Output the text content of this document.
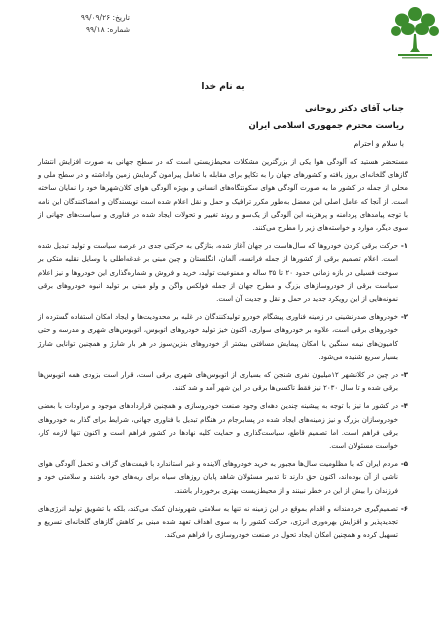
تاریخ: ۹۹/۰۹/۲۶
شماره: ۹۹/۱۸
به نام خدا
جناب آقای دکتر روحانی
ریاست محترم جمهوری اسلامی ایران
با سلام و احترام

مستحضر هستید که آلودگی هوا یکی از بزرگترین مشکلات محیط‌زیستی است که در سطح جهانی به صورت افزایش انتشار گازهای گلخانه‌ای بروز یافته و کشورهای جهان را به تکاپو برای مقابله با تعامل پیرامون گرمایش زمین واداشته و در سطح ملی و محلی از جمله در کشور ما به صورت آلودگی هوای سکونتگاه‌های انسانی و بویژه آلودگی هوای کلان‌شهرها خود را نمایان ساخته است. از آنجا که عامل اصلی این معضل به‌طور مکرر ترافیک و حمل و نقل اعلام شده است نویسندگان و امضاکنندگان این نامه با توجه پیامدهای پردامنه و پرهزینه این آلودگی از یک‌سو و روند تغییر و تحولات ایجاد شده در فناوری و سیاست‌های جهانی از سوی دیگر، موارد و خواسته‌های زیر را مطرح می‌کنند.

۱-
حرکت برقی کردن خودروها که سال‌هاست در جهان آغاز شده، بتازگی به حرکتی جدی در عرصه سیاست و تولید تبدیل شده است. اعلام تصمیم برقی از کشورها از جمله فرانسه، آلمان، انگلستان و چین مبنی بر غدغه‌اطلی یا وسایل نقلیه متکی بر سوخت فسیلی در بازه زمانی حدود ۲۰ تا ۳۵ ساله و ممنوعیت تولید، خرید و فروش و شماره‌گذاری این خودروها و نیز اعلام سیاست برقی از خودروسازهای بزرگ و مطرح جهان از جمله فولکس واگن و ولو مبنی بر تولید انبوه خودروهای برقی نمونه‌هایی از این رویکرد جدید در حمل و نقل و جدیت آن است.
۲-
خودروهای صدر‌نشینی در زمینه فناوری پیشگام خودرو تولیدکنندگان در غلبه بر محدودیت‌ها و ایجاد امکان استفاده گسترده از خودروهای برقی است، علاوه بر خودروهای سواری، اکنون خیز تولید خودروهای اتوبوس، اتوبوس‌های شهری و مدرسه و حتی کامیون‌های نیمه سنگین با امکان پیمایش مسافتی بیشتر از خودروهای بنزین‌سوز در هر بار شارژ و همچنین توانایی شارژ بسیار سریع شنیده می‌شود.
۳-
در چین در کلانشهر ۱۲میلیون نفری شنجن که بسیاری از اتوبوس‌های شهری برقی است، قرار است بزودی همه اتوبوس‌ها برقی شده و تا سال ۲۰۳۰ نیز فقط تاکسی‌ها برقی در این شهر آمد و شد کنند.
۴-
در کشور ما نیز با توجه به پیشینه چندین دهه‌ای وجود صنعت خودروسازی و همچنین قراردادهای موجود و مراودات با بعضی خودروسازان بزرگ و نیز زمینه‌های ایجاد شده در پسابرجام در هنگام تبدیل با فناوری جهانی، شرایط برای گذار به خودروهای برقی فراهم است. اما تصمیم قاطع، سیاست‌گذاری و حمایت کلیه نهادها در کشور فراهم است و اکنون تنها لازمه کار، خواست مسئولان است.
۵-
مردم ایران که با مظلومیت سال‌ها مجبور به خرید خودروهای آلاینده و غیر استاندارد با قیمت‌های گزاف و تحمل آلودگی هوای ناشی از آن بوده‌اند، اکنون حق دارند تا تدبیر مسئولان شاهد پایان روزهای سیاه برای ریه‌های خود باشند و سلامتی خود و فرزندان را بیش از این در خطر نبینند و از محیط‌زیست بهتری برخوردار باشند.
۶-
تصمیم‌گیری خردمندانه و اقدام بموقع در این زمینه نه تنها به سلامتی شهروندان کمک می‌کند، بلکه با تشویق تولید انرژی‌های تجدیدپذیر و افزایش بهره‌وری انرژی، حرکت کشور را به سوی اهداف تعهد شده مبنی بر کاهش گازهای گلخانه‌ای تسریع و تسهیل کرده و همچنین امکان ایجاد تحول در صنعت خودروسازی را فراهم می‌کند.
